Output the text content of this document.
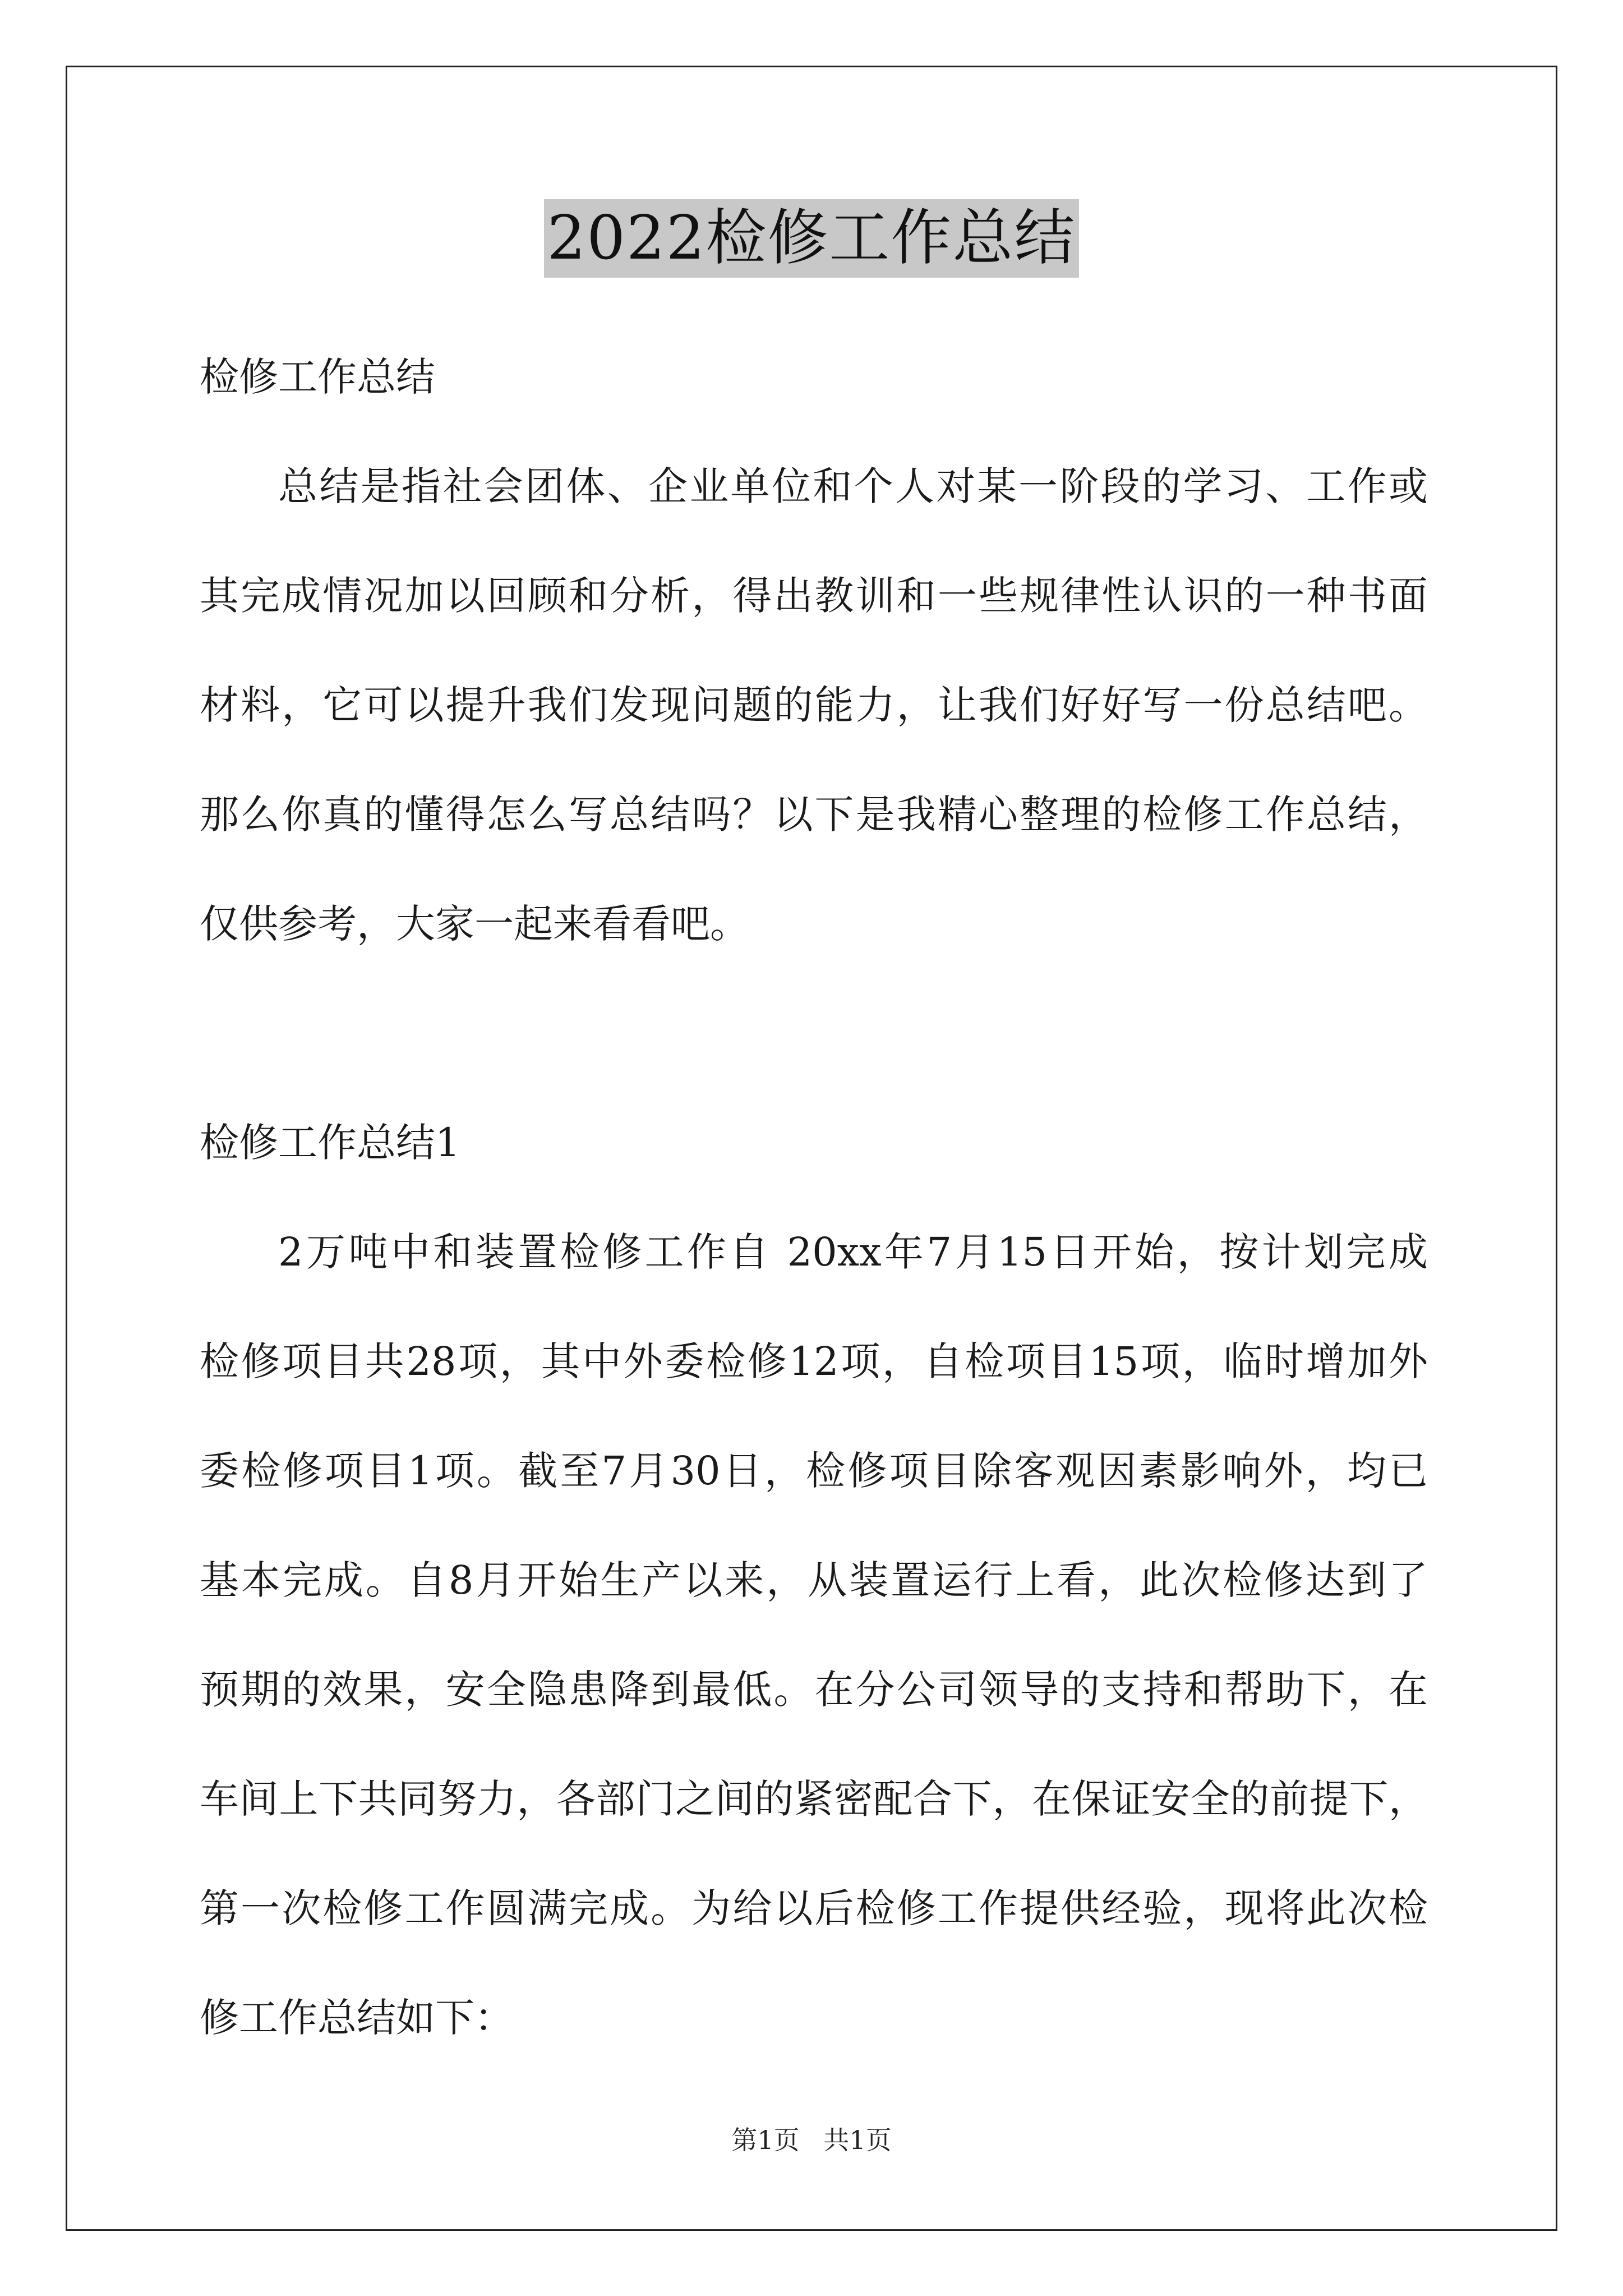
2022检修工作总结
检修工作总结
总结是指社会团体、企业单位和个人对某一阶段的学习、工作或
其完成情况加以回顾和分析，得出教训和一些规律性认识的一种书面
材料，它可以提升我们发现问题的能力，让我们好好写一份总结吧。
那么你真的懂得怎么写总结吗？以下是我精心整理的检修工作总结，
仅供参考，大家一起来看看吧。
检修工作总结1
2万吨中和装置检修工作自 20xx年7月15日开始，按计划完成
检修项目共28项，其中外委检修12项，自检项目15项，临时增加外
委检修项目1项。截至7月30日，检修项目除客观因素影响外，均已
基本完成。自8月开始生产以来，从装置运行上看，此次检修达到了
预期的效果，安全隐患降到最低。在分公司领导的支持和帮助下，在
车间上下共同努力，各部门之间的紧密配合下，在保证安全的前提下，
第一次检修工作圆满完成。为给以后检修工作提供经验，现将此次检
修工作总结如下：
第1页 共1页
